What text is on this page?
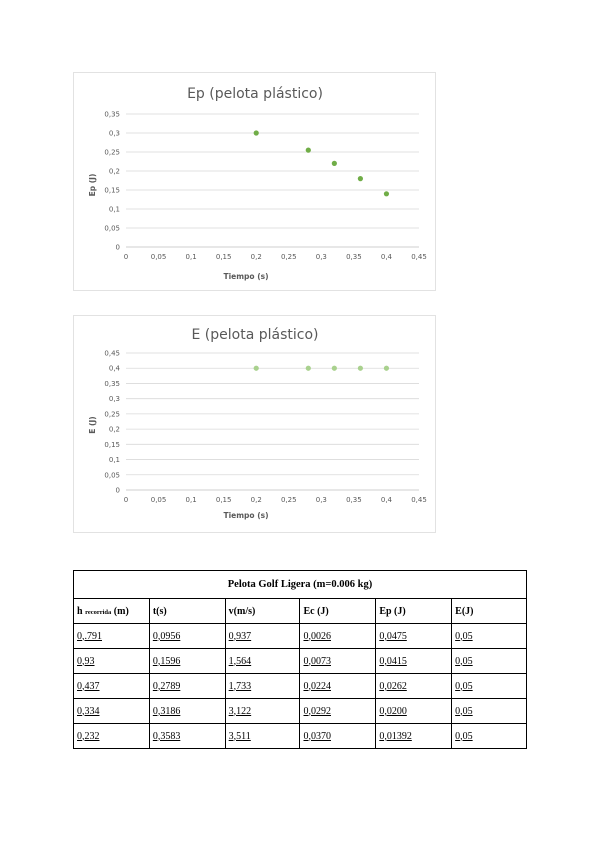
Ep (pelota plástico)
0
0,05
0,1
0,15
0,2
0,25
0,3
0,35
0	0,05	0,1	0,15	0,2	0,25	0,3	0,35	0,4	0,45
Tiempo (s)
Ep (J)
E (pelota plástico)
0
0,05
0,1
0,15
0,2
0,25
0,3
0,35
0,4
0,45
0	0,05	0,1	0,15	0,2	0,25	0,3	0,35	0,4	0,45
Tiempo (s)
E (J)
Pelota Golf Ligera (m=0.006 kg)					
h recorrida (m)	t(s)	v(m/s)	Ec (J)	Ep (J)	E(J)
0,.791	0,0956	0,937	0,0026	0,0475	0,05
0,93	0,1596	1,564	0,0073	0,0415	0,05
0,437	0,2789	1,733	0,0224	0,0262	0,05
0,334	0,3186	3,122	0,0292	0,0200	0,05
0,232	0,3583	3,511	0,0370	0,01392	0,05
